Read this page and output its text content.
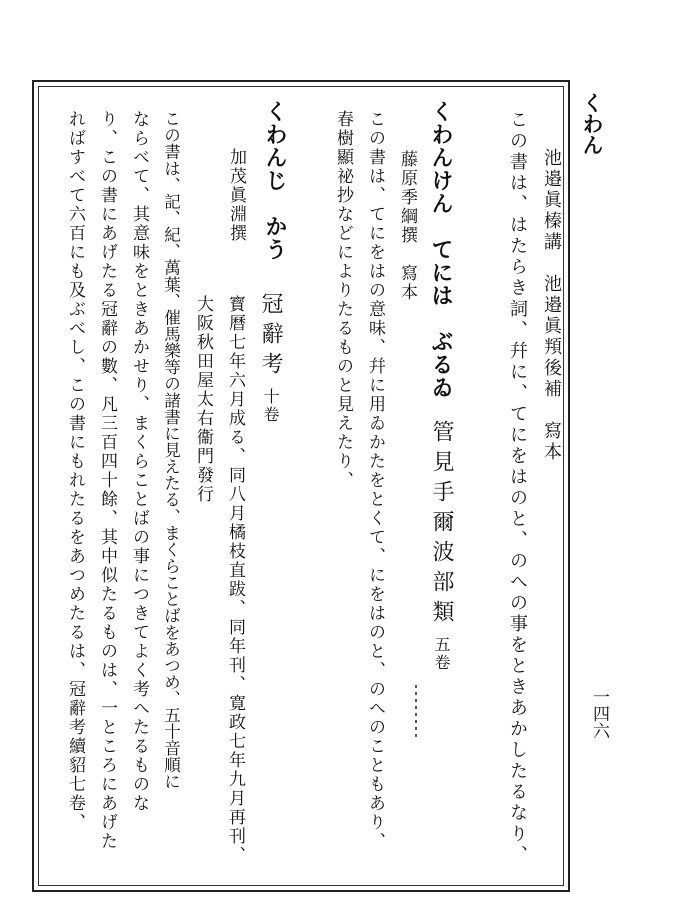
くわん
一四六
池邉眞榛講　池邉眞頖後補　寫本
この書は、はたらき詞、幷に、てにをはのと、のへの事をときあかしたるなり、
くわんけん　てには　ぶるゐ
管見手爾波部類五卷
藤原季綱撰　寫本
この書は、てにをはの意味、幷に用ゐかたをとくて、にをはのと、のへのこともあり、
春樹顯祕抄などによりたるものと見えたり、
くわんじ　かう
冠辭考十卷
加茂眞淵撰
寳曆七年六月成る、同八月橘枝直跋、同年刊、寛政七年九月再刊、
大阪秋田屋太右衞門發行
この書は、記、紀、萬葉、催馬樂等の諸書に見えたる、まくらことばをあつめ、五十音順に
ならべて、其意味をときあかせり、まくらことばの事につきてよく考へたるものな
り、この書にあげたる冠辭の數、凡三百四十餘、其中似たるものは、一ところにあげた
ればすべて六百にも及ぶべし、この書にもれたるをあつめたるは、冠辭考續貂七卷、
